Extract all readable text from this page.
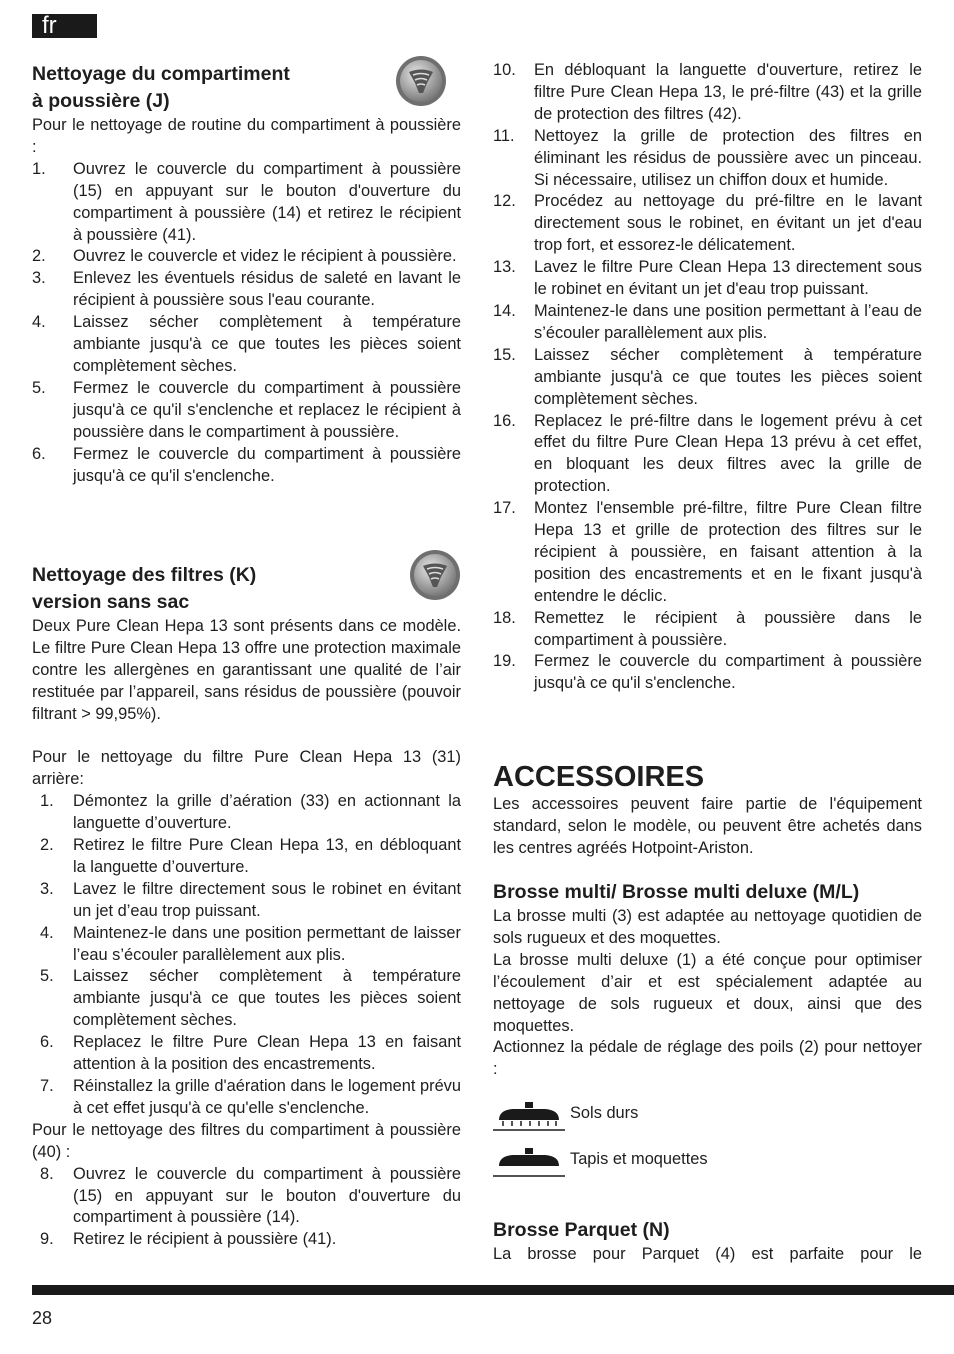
fr
Nettoyage du compartiment
à poussière (J)
Pour le nettoyage de routine du compartiment à poussière :
1. Ouvrez le couvercle du compartiment à poussière (15) en appuyant sur le bouton d'ouverture du compartiment à poussière (14) et retirez le récipient à poussière (41).
2. Ouvrez le couvercle et videz le récipient à poussière.
3. Enlevez les éventuels résidus de saleté en lavant le récipient à poussière sous l'eau courante.
4. Laissez sécher complètement à température ambiante jusqu'à ce que toutes les pièces soient complètement sèches.
5. Fermez le couvercle du compartiment à poussière jusqu'à ce qu'il s'enclenche et replacez le récipient à poussière dans le compartiment à poussière.
6. Fermez le couvercle du compartiment à poussière jusqu'à ce qu'il s'enclenche.
Nettoyage des filtres (K)
version sans sac
Deux Pure Clean Hepa 13 sont présents dans ce modèle. Le filtre Pure Clean Hepa 13 offre une protection maximale contre les allergènes en garantissant une qualité de l’air restituée par l’appareil, sans résidus de poussière (pouvoir filtrant > 99,95%).
Pour le nettoyage du filtre Pure Clean Hepa 13 (31) arrière:
1. Démontez la grille d’aération (33) en actionnant la languette d’ouverture.
2. Retirez le filtre Pure Clean Hepa 13, en débloquant la languette d’ouverture.
3. Lavez le filtre directement sous le robinet en évitant un jet d’eau trop puissant.
4. Maintenez-le dans une position permettant de laisser l’eau s’écouler parallèlement aux plis.
5. Laissez sécher complètement à température ambiante jusqu'à ce que toutes les pièces soient complètement sèches.
6. Replacez le filtre Pure Clean Hepa 13 en faisant attention à la position des encastrements.
7. Réinstallez la grille d'aération dans le logement prévu à cet effet jusqu'à ce qu'elle s'enclenche.
Pour le nettoyage des filtres du compartiment à poussière (40) :
8. Ouvrez le couvercle du compartiment à poussière (15) en appuyant sur le bouton d'ouverture du compartiment à poussière (14).
9. Retirez le récipient à poussière (41).
10. En débloquant la languette d'ouverture, retirez le filtre Pure Clean Hepa 13, le pré-filtre (43) et la grille de protection des filtres (42).
11. Nettoyez la grille de protection des filtres en éliminant les résidus de poussière avec un pinceau. Si nécessaire, utilisez un chiffon doux et humide.
12. Procédez au nettoyage du pré-filtre en le lavant directement sous le robinet, en évitant un jet d'eau trop fort, et essorez-le délicatement.
13. Lavez le filtre Pure Clean Hepa 13 directement sous le robinet en évitant un jet d'eau trop puissant.
14. Maintenez-le dans une position permettant à l’eau de s’écouler parallèlement aux plis.
15. Laissez sécher complètement à température ambiante jusqu'à ce que toutes les pièces soient complètement sèches.
16. Replacez le pré-filtre dans le logement prévu à cet effet du filtre Pure Clean Hepa 13 prévu à cet effet, en bloquant les deux filtres avec la grille de protection.
17. Montez l'ensemble pré-filtre, filtre Pure Clean filtre Hepa 13 et grille de protection des filtres sur le récipient à poussière, en faisant attention à la position des encastrements et en le fixant jusqu'à entendre le déclic.
18. Remettez le récipient à poussière dans le compartiment à poussière.
19. Fermez le couvercle du compartiment à poussière jusqu'à ce qu'il s'enclenche.
ACCESSOIRES
Les accessoires peuvent faire partie de l'équipement standard, selon le modèle, ou peuvent être achetés dans les centres agréés Hotpoint-Ariston.
Brosse multi/ Brosse multi deluxe (M/L)
La brosse multi (3) est adaptée au nettoyage quotidien de sols rugueux et des moquettes.
La brosse multi deluxe (1) a été conçue pour optimiser l’écoulement d’air et est spécialement adaptée au nettoyage de sols rugueux et doux, ainsi que des moquettes.
Actionnez la pédale de réglage des poils (2) pour nettoyer :
Sols durs
Tapis et moquettes
Brosse Parquet (N)
La brosse pour Parquet (4) est parfaite pour le
28
